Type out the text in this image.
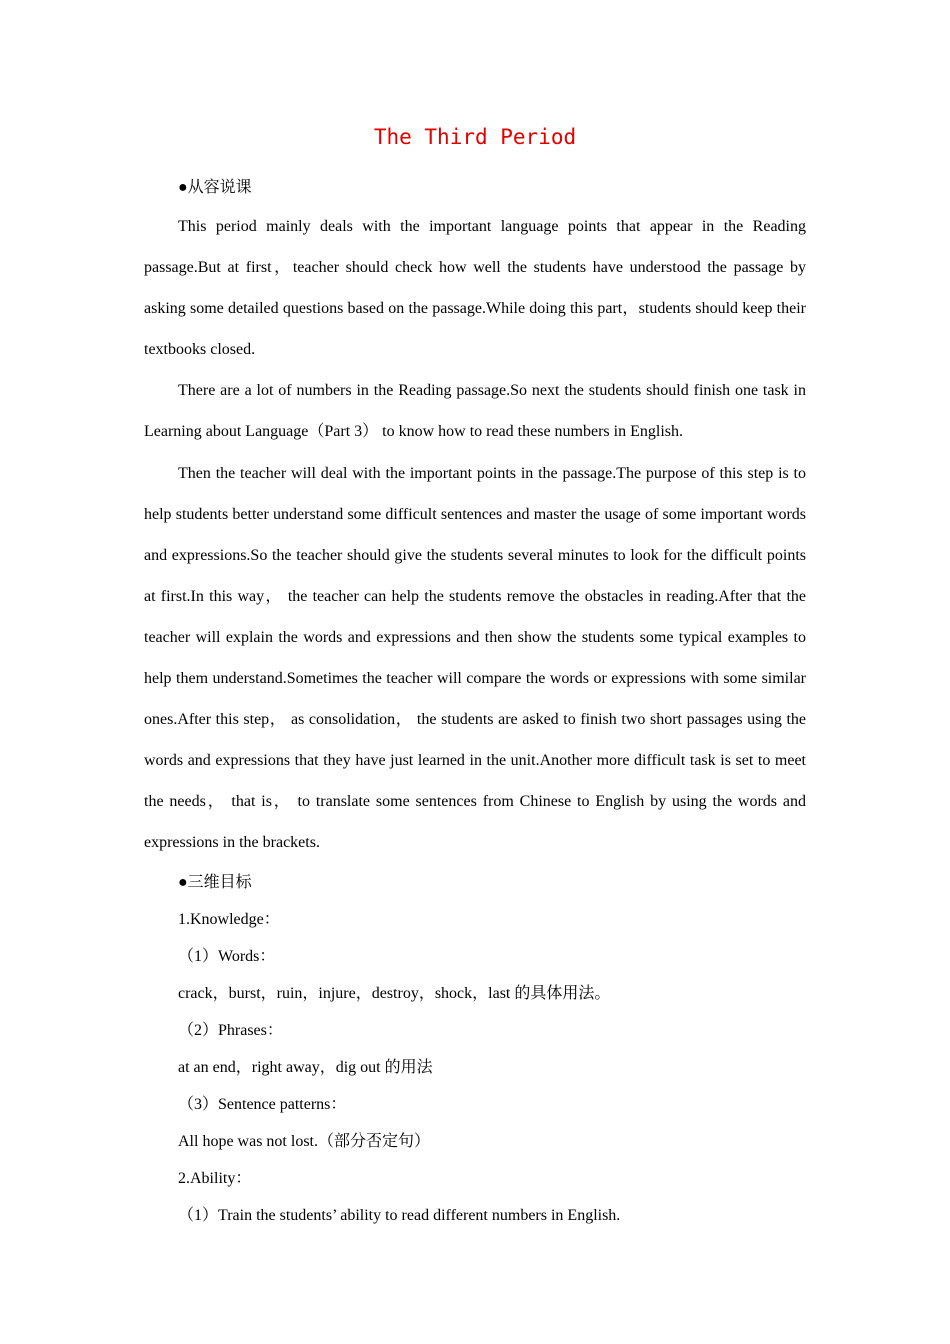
The Third Period
●从容说课

This period mainly deals with the important language points that appear in the Reading passage.But at first，teacher should check how well the students have understood the passage by asking some detailed questions based on the passage.While doing this part，students should keep their textbooks closed.

There are a lot of numbers in the Reading passage.So next the students should finish one task in Learning about Language（Part 3） to know how to read these numbers in English.

Then the teacher will deal with the important points in the passage.The purpose of this step is to help students better understand some difficult sentences and master the usage of some important words and expressions.So the teacher should give the students several minutes to look for the difficult points at first.In this way， the teacher can help the students remove the obstacles in reading.After that the teacher will explain the words and expressions and then show the students some typical examples to help them understand.Sometimes the teacher will compare the words or expressions with some similar ones.After this step， as consolidation， the students are asked to finish two short passages using the words and expressions that they have just learned in the unit.Another more difficult task is set to meet the needs， that is， to translate some sentences from Chinese to English by using the words and expressions in the brackets.

●三维目标
1.Knowledge：
（1）Words：
crack，burst，ruin，injure，destroy，shock，last 的具体用法。
（2）Phrases：
at an end，right away，dig out 的用法
（3）Sentence patterns：
All hope was not lost.（部分否定句）
2.Ability：
（1）Train the students’ ability to read different numbers in English.
